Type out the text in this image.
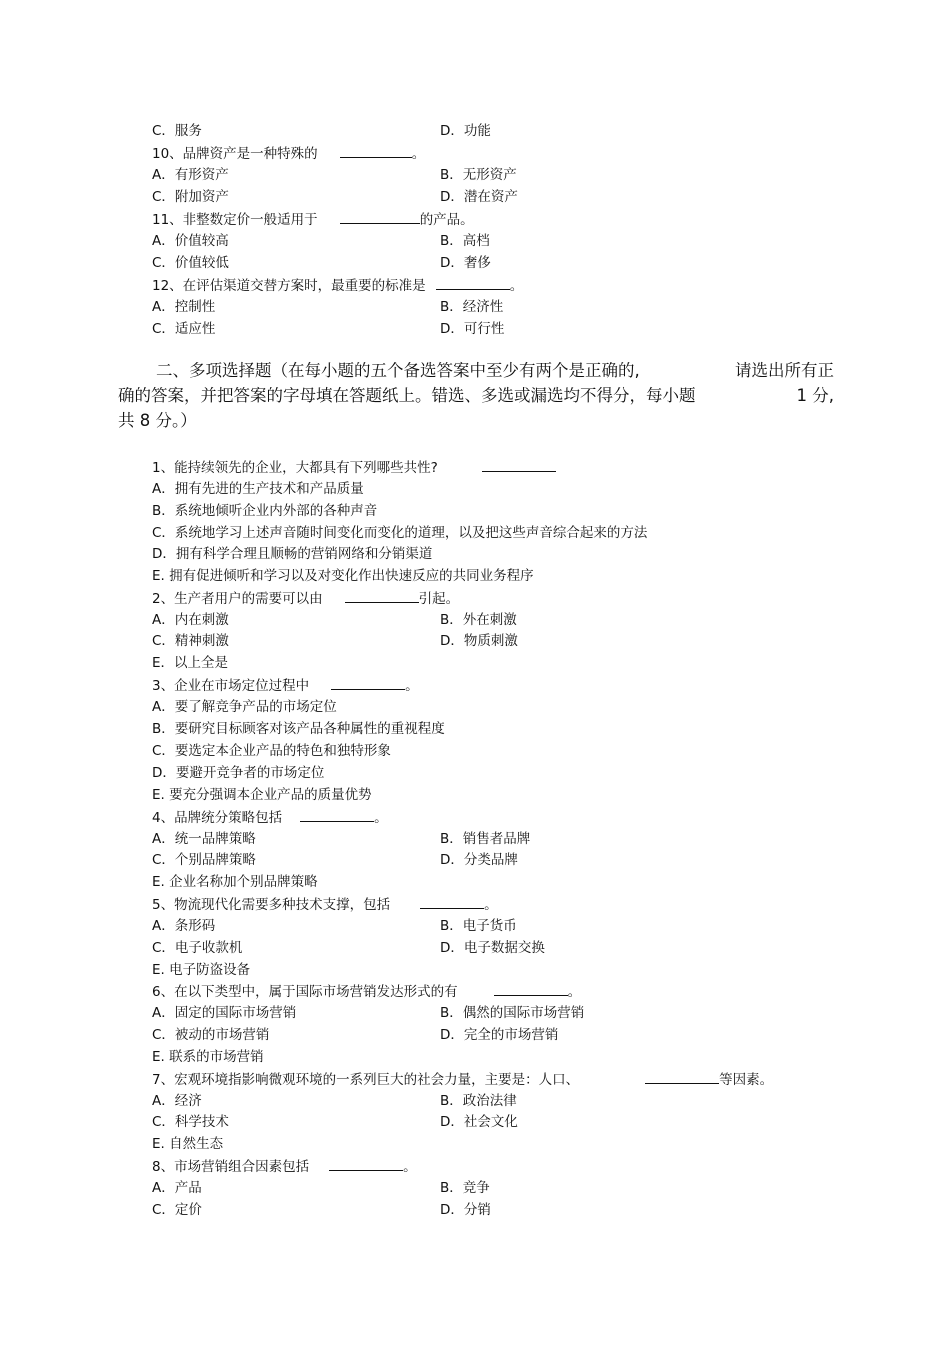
C．服务	D．功能
10、品牌资产是一种特殊的	。
A．有形资产	B．无形资产
C．附加资产	D．潜在资产
11、非整数定价一般适用于	的产品。
A．价值较高	B．高档
C．价值较低	D．奢侈
12、在评估渠道交替方案时，最重要的标准是	。
A．控制性	B．经济性
C．适应性	D．可行性
二、多项选择题（在每小题的五个备选答案中至少有两个是正确的,	请选出所有正
确的答案，并把答案的字母填在答题纸上。错选、多选或漏选均不得分，每小题	1 分,
共 8 分。）
1、能持续领先的企业，大都具有下列哪些共性?
A．拥有先进的生产技术和产品质量
B．系统地倾听企业内外部的各种声音
C．系统地学习上述声音随时间变化而变化的道理，以及把这些声音综合起来的方法
D．拥有科学合理且顺畅的营销网络和分销渠道
E. 拥有促进倾听和学习以及对变化作出快速反应的共同业务程序
2、生产者用户的需要可以由	引起。
A．内在刺激	B．外在刺激
C．精神刺激	D．物质刺激
E．以上全是
3、企业在市场定位过程中	。
A．要了解竞争产品的市场定位
B．要研究目标顾客对该产品各种属性的重视程度
C．要选定本企业产品的特色和独特形象
D．要避开竞争者的市场定位
E. 要充分强调本企业产品的质量优势
4、品牌统分策略包括	。
A．统一品牌策略	B．销售者品牌
C．个别品牌策略	D．分类品牌
E. 企业名称加个别品牌策略
5、物流现代化需要多种技术支撑，包括	。
A．条形码	B．电子货币
C．电子收款机	D．电子数据交换
E. 电子防盗设备
6、在以下类型中，属于国际市场营销发达形式的有	。
A．固定的国际市场营销	B．偶然的国际市场营销
C．被动的市场营销	D．完全的市场营销
E. 联系的市场营销
7、宏观环境指影响微观环境的一系列巨大的社会力量，主要是：人口、	等因素。
A．经济	B．政治法律
C．科学技术	D．社会文化
E. 自然生态
8、市场营销组合因素包括	。
A．产品	B．竞争
C．定价	D．分销
